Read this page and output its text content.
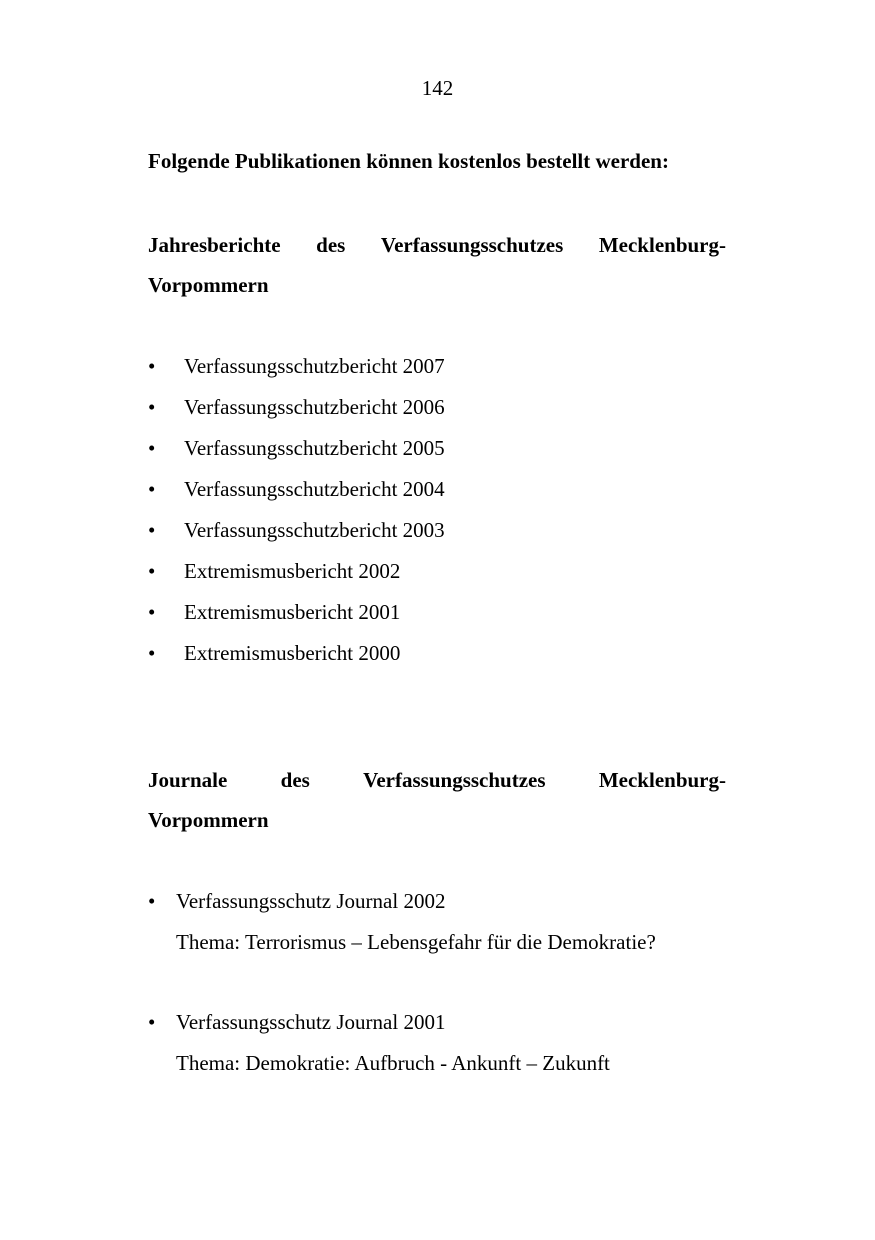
142

Folgende Publikationen können kostenlos bestellt werden:

Jahresberichte des Verfassungsschutzes Mecklenburg-
Vorpommern
• Verfassungsschutzbericht 2007
• Verfassungsschutzbericht 2006
• Verfassungsschutzbericht 2005
• Verfassungsschutzbericht 2004
• Verfassungsschutzbericht 2003
• Extremismusbericht 2002
• Extremismusbericht 2001
• Extremismusbericht 2000
Journale	des	Verfassungsschutzes	Mecklenburg-
Vorpommern
• Verfassungsschutz Journal 2002
Thema: Terrorismus – Lebensgefahr für die Demokratie?
• Verfassungsschutz Journal 2001
Thema: Demokratie: Aufbruch - Ankunft – Zukunft
